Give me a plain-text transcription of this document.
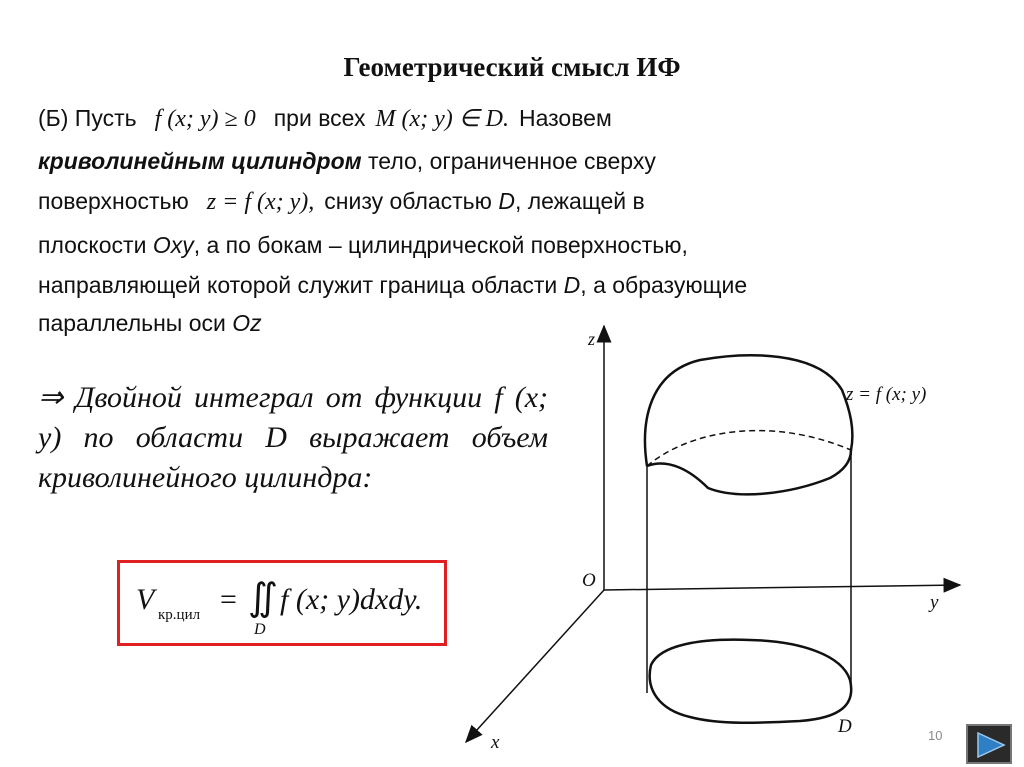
Геометрический смысл ИФ
(Б) Пусть f (x; y) ≥ 0 при всех M (x; y) ∈ D. Назовем
криволинейным цилиндром тело, ограниченное сверху
поверхностью z = f (x; y), снизу областью D, лежащей в
плоскости Oxy, а по бокам – цилиндрической поверхностью,
направляющей которой служит граница области D, а образующие
параллельны оси Oz
⇒ Двойной интеграл от функции f (x; y) по области D выражает объем криволинейного цилиндра:
V кр.цил = ∬
D
f (x; y)dxdy.
z
y
x
O
z = f (x; y)
D	10
